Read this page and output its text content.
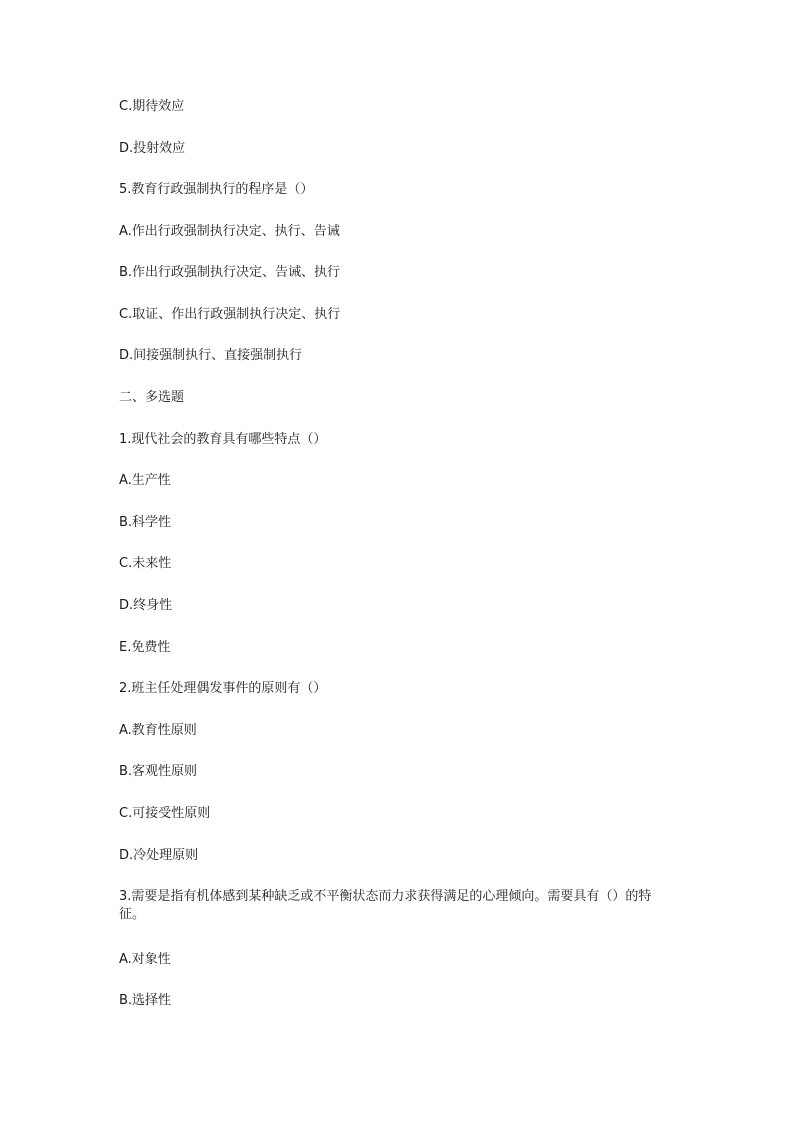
C.期待效应
D.投射效应
5.教育行政强制执行的程序是（）
A.作出行政强制执行决定、执行、告诫
B.作出行政强制执行决定、告诫、执行
C.取证、作出行政强制执行决定、执行
D.间接强制执行、直接强制执行
二、多选题
1.现代社会的教育具有哪些特点（）
A.生产性
B.科学性
C.未来性
D.终身性
E.免费性
2.班主任处理偶发事件的原则有（）
A.教育性原则
B.客观性原则
C.可接受性原则
D.冷处理原则
3.需要是指有机体感到某种缺乏或不平衡状态而力求获得满足的心理倾向。需要具有（）的特征。
A.对象性
B.选择性
